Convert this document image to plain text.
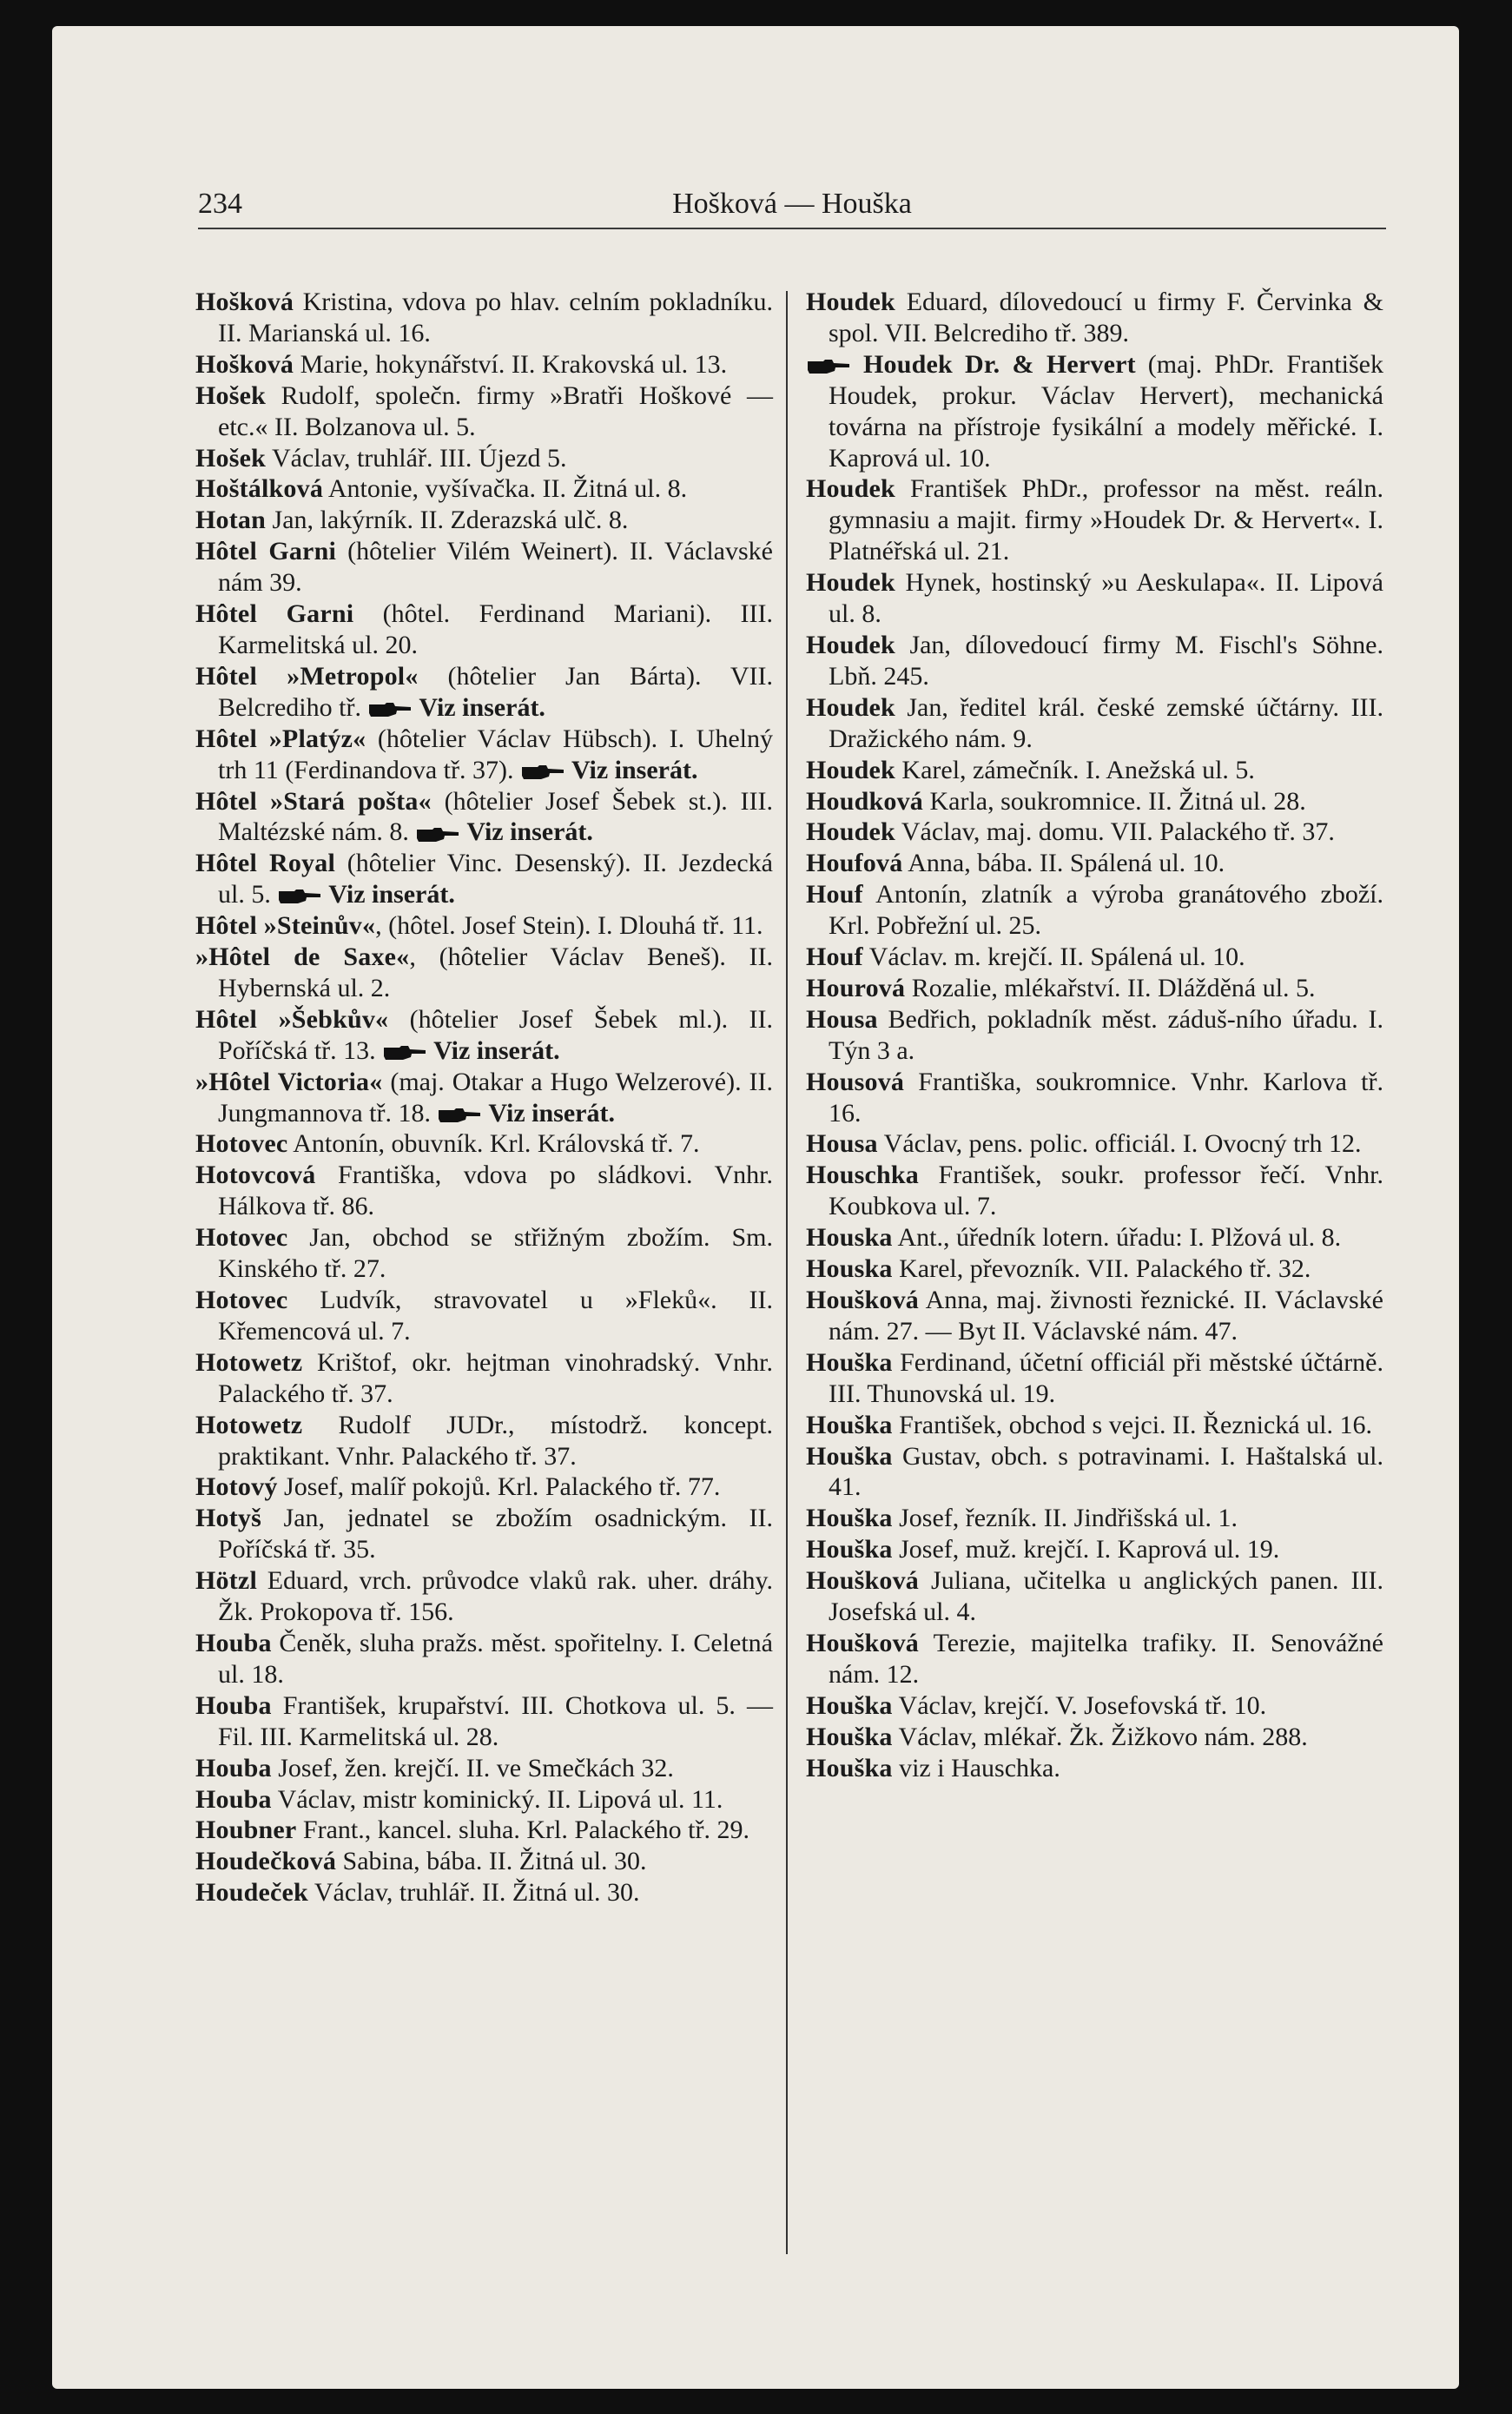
234	Hošková — Houška
Hošková Kristina, vdova po hlav. celním pokladníku. II. Marianská ul. 16.
Hošková Marie, hokynářství. II. Krakovská ul. 13.
Hošek Rudolf, společn. firmy »Bratři Hoškové — etc.« II. Bolzanova ul. 5.
Hošek Václav, truhlář. III. Újezd 5.
Hoštálková Antonie, vyšívačka. II. Žitná ul. 8.
Hotan Jan, lakýrník. II. Zderazská ulč. 8.
Hôtel Garni (hôtelier Vilém Weinert). II. Václavské nám 39.
Hôtel Garni (hôtel. Ferdinand Mariani). III. Karmelitská ul. 20.
Hôtel »Metropol« (hôtelier Jan Bárta). VII. Belcrediho tř.
Viz inserát.
Hôtel »Platýz« (hôtelier Václav Hübsch). I. Uhelný trh 11 (Ferdinandova tř. 37).
Viz inserát.
Hôtel »Stará pošta« (hôtelier Josef Šebek st.). III. Maltézské nám. 8.
Viz inserát.
Hôtel Royal (hôtelier Vinc. Desenský). II. Jezdecká ul. 5.
Viz inserát.
Hôtel »Steinův«, (hôtel. Josef Stein). I. Dlouhá tř. 11.
»Hôtel de Saxe«, (hôtelier Václav Beneš). II. Hybernská ul. 2.
Hôtel »Šebkův« (hôtelier Josef Šebek ml.). II. Poříčská tř. 13.
Viz inserát.
»Hôtel Victoria« (maj. Otakar a Hugo Welzerové). II. Jungmannova tř. 18.
Viz inserát.
Hotovec Antonín, obuvník. Krl. Královská tř. 7.
Hotovcová Františka, vdova po sládkovi. Vnhr. Hálkova tř. 86.
Hotovec Jan, obchod se střižným zbožím. Sm. Kinského tř. 27.
Hotovec Ludvík, stravovatel u »Fleků«. II. Křemencová ul. 7.
Hotowetz Krištof, okr. hejtman vinohradský. Vnhr. Palackého tř. 37.
Hotowetz Rudolf JUDr., místodrž. koncept. praktikant. Vnhr. Palackého tř. 37.
Hotový Josef, malíř pokojů. Krl. Palackého tř. 77.
Hotyš Jan, jednatel se zbožím osadnickým. II. Poříčská tř. 35.
Hötzl Eduard, vrch. průvodce vlaků rak. uher. dráhy. Žk. Prokopova tř. 156.
Houba Čeněk, sluha pražs. měst. spořitelny. I. Celetná ul. 18.
Houba František, krupařství. III. Chotkova ul. 5. — Fil. III. Karmelitská ul. 28.
Houba Josef, žen. krejčí. II. ve Smečkách 32.
Houba Václav, mistr kominický. II. Lipová ul. 11.
Houbner Frant., kancel. sluha. Krl. Palackého tř. 29.
Houdečková Sabina, bába. II. Žitná ul. 30.
Houdeček Václav, truhlář. II. Žitná ul. 30.
Houdek Eduard, dílovedoucí u firmy F. Červinka & spol. VII. Belcrediho tř. 389.
Houdek Dr. & Hervert (maj. PhDr. František Houdek, prokur. Václav Hervert), mechanická továrna na přístroje fysikální a modely měřické. I. Kaprová ul. 10.
Houdek František PhDr., professor na měst. reáln. gymnasiu a majit. firmy »Houdek Dr. & Hervert«. I. Platnéřská ul. 21.
Houdek Hynek, hostinský »u Aeskulapa«. II. Lipová ul. 8.
Houdek Jan, dílovedoucí firmy M. Fischl's Söhne. Lbň. 245.
Houdek Jan, ředitel král. české zemské účtárny. III. Dražického nám. 9.
Houdek Karel, zámečník. I. Anežská ul. 5.
Houdková Karla, soukromnice. II. Žitná ul. 28.
Houdek Václav, maj. domu. VII. Palackého tř. 37.
Houfová Anna, bába. II. Spálená ul. 10.
Houf Antonín, zlatník a výroba granátového zboží. Krl. Pobřežní ul. 25.
Houf Václav. m. krejčí. II. Spálená ul. 10.
Hourová Rozalie, mlékařství. II. Dlážděná ul. 5.
Housa Bedřich, pokladník měst. záduš-ního úřadu. I. Týn 3 a.
Housová Františka, soukromnice. Vnhr. Karlova tř. 16.
Housa Václav, pens. polic. officiál. I. Ovocný trh 12.
Houschka František, soukr. professor řečí. Vnhr. Koubkova ul. 7.
Houska Ant., úředník lotern. úřadu: I. Plžová ul. 8.
Houska Karel, převozník. VII. Palackého tř. 32.
Houšková Anna, maj. živnosti řeznické. II. Václavské nám. 27. — Byt II. Václavské nám. 47.
Houška Ferdinand, účetní officiál při městské účtárně. III. Thunovská ul. 19.
Houška František, obchod s vejci. II. Řeznická ul. 16.
Houška Gustav, obch. s potravinami. I. Haštalská ul. 41.
Houška Josef, řezník. II. Jindřišská ul. 1.
Houška Josef, muž. krejčí. I. Kaprová ul. 19.
Houšková Juliana, učitelka u anglických panen. III. Josefská ul. 4.
Houšková Terezie, majitelka trafiky. II. Senovážné nám. 12.
Houška Václav, krejčí. V. Josefovská tř. 10.
Houška Václav, mlékař. Žk. Žižkovo nám. 288.
Houška viz i Hauschka.
